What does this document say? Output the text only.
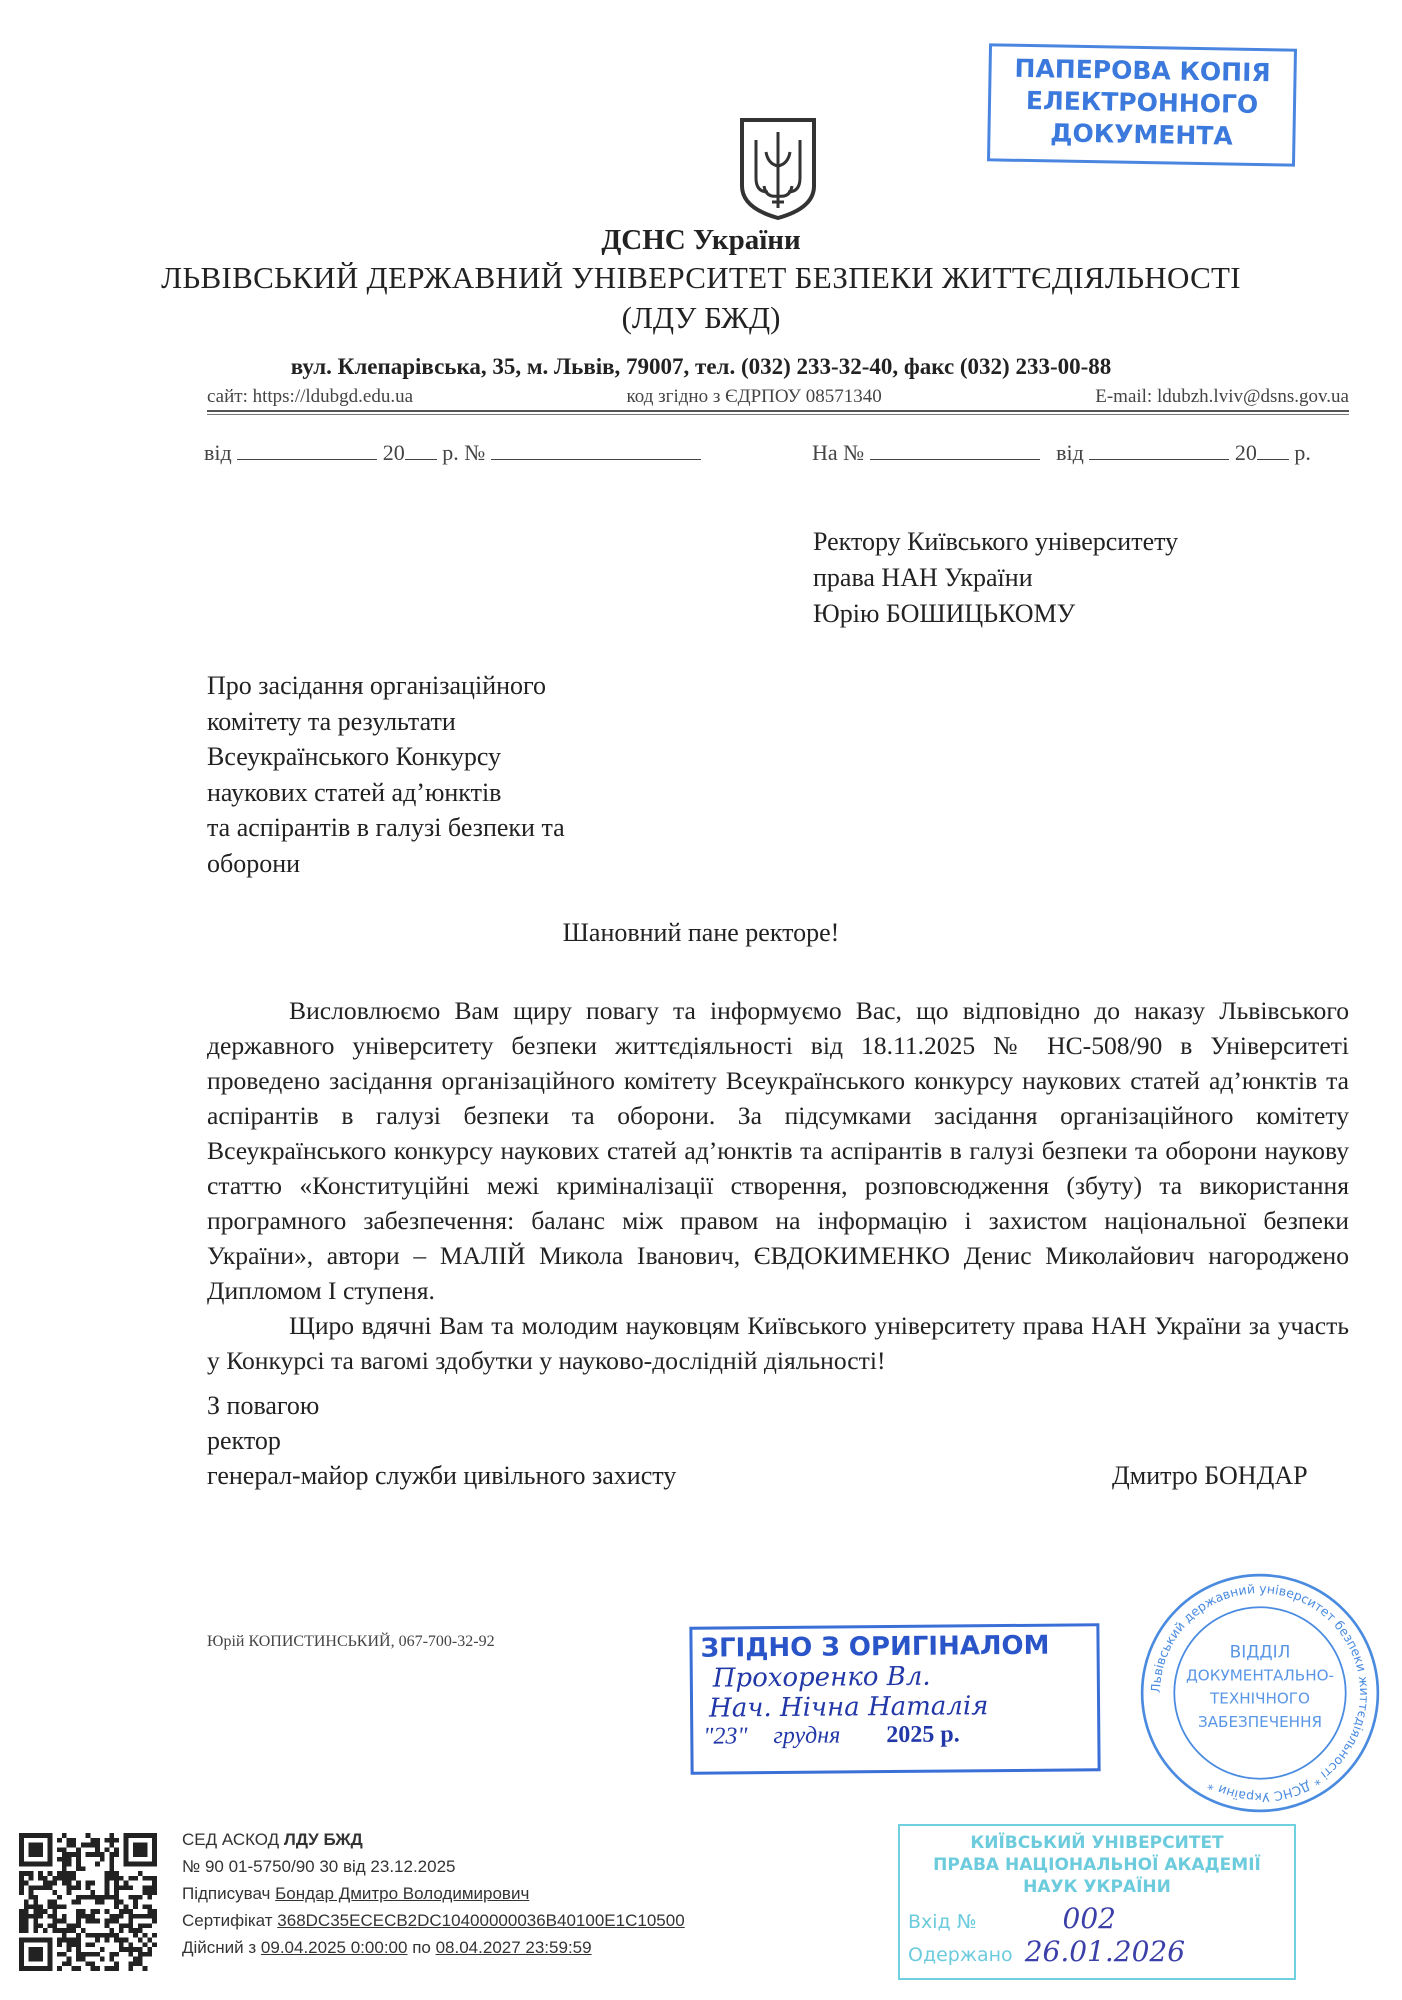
ПАПЕРОВА КОПІЯ
ЕЛЕКТРОННОГО
ДОКУМЕНТА
ДСНС України
ЛЬВІВСЬКИЙ ДЕРЖАВНИЙ УНІВЕРСИТЕТ БЕЗПЕКИ ЖИТТЄДІЯЛЬНОСТІ
(ЛДУ БЖД)
вул. Клепарівська, 35, м. Львів, 79007, тел. (032) 233-32-40, факс (032) 233-00-88
сайт: https://ldubgd.edu.ua	код згідно з ЄДРПОУ 08571340	E-mail: ldubzh.lviv@dsns.gov.ua
від	20 р. №	На №	від	20 р.
Ректору Київського університету
права НАН України
Юрію БОШИЦЬКОМУ
Про засідання організаційного
комітету та результати
Всеукраїнського Конкурсу
наукових статей ад’юнктів
та аспірантів в галузі безпеки та
оборони
Шановний пане ректоре!

Висловлюємо Вам щиру повагу та інформуємо Вас, що відповідно до наказу Львівського державного університету безпеки життєдіяльності від 18.11.2025 № НС-508/90 в Університеті проведено засідання організаційного комітету Всеукраїнського конкурсу наукових статей ад’юнктів та аспірантів в галузі безпеки та оборони. За підсумками засідання організаційного комітету Всеукраїнського конкурсу наукових статей ад’юнктів та аспірантів в галузі безпеки та оборони наукову статтю «Конституційні межі криміналізації створення, розповсюдження (збуту) та використання програмного забезпечення: баланс між правом на інформацію і захистом національної безпеки України», автори – МАЛІЙ Микола Іванович, ЄВДОКИМЕНКО Денис Миколайович нагороджено Дипломом І ступеня.

Щиро вдячні Вам та молодим науковцям Київського університету права НАН України за участь у Конкурсі та вагомі здобутки у науково-дослідній діяльності!

З повагою
ректор
генерал-майор служби цивільного захисту	Дмитро БОНДАР
Юрій КОПИСТИНСЬКИЙ, 067-700-32-92
Львівський державний університет безпеки життєдіяльності * ДСНС України *
ВІДДІЛ
ДОКУМЕНТАЛЬНО-
ТЕХНІЧНОГО
ЗАБЕЗПЕЧЕННЯ
ЗГІДНО З ОРИГІНАЛОМ
Прохоренко Вл.
Нач. Нічна Наталія
"23" грудня 2025 р.
СЕД АСКОД ЛДУ БЖД
№ 90 01-5750/90 30 від 23.12.2025
Підписувач Бондар Дмитро Володимирович
Сертифікат 368DC35ECECB2DC10400000036B40100E1C10500
Дійсний з 09.04.2025 0:00:00 по 08.04.2027 23:59:59
КИЇВСЬКИЙ УНІВЕРСИТЕТ
ПРАВА НАЦІОНАЛЬНОЇ АКАДЕМІЇ
НАУК УКРАЇНИ
Вхід №	002
Одержано 26.01.2026
